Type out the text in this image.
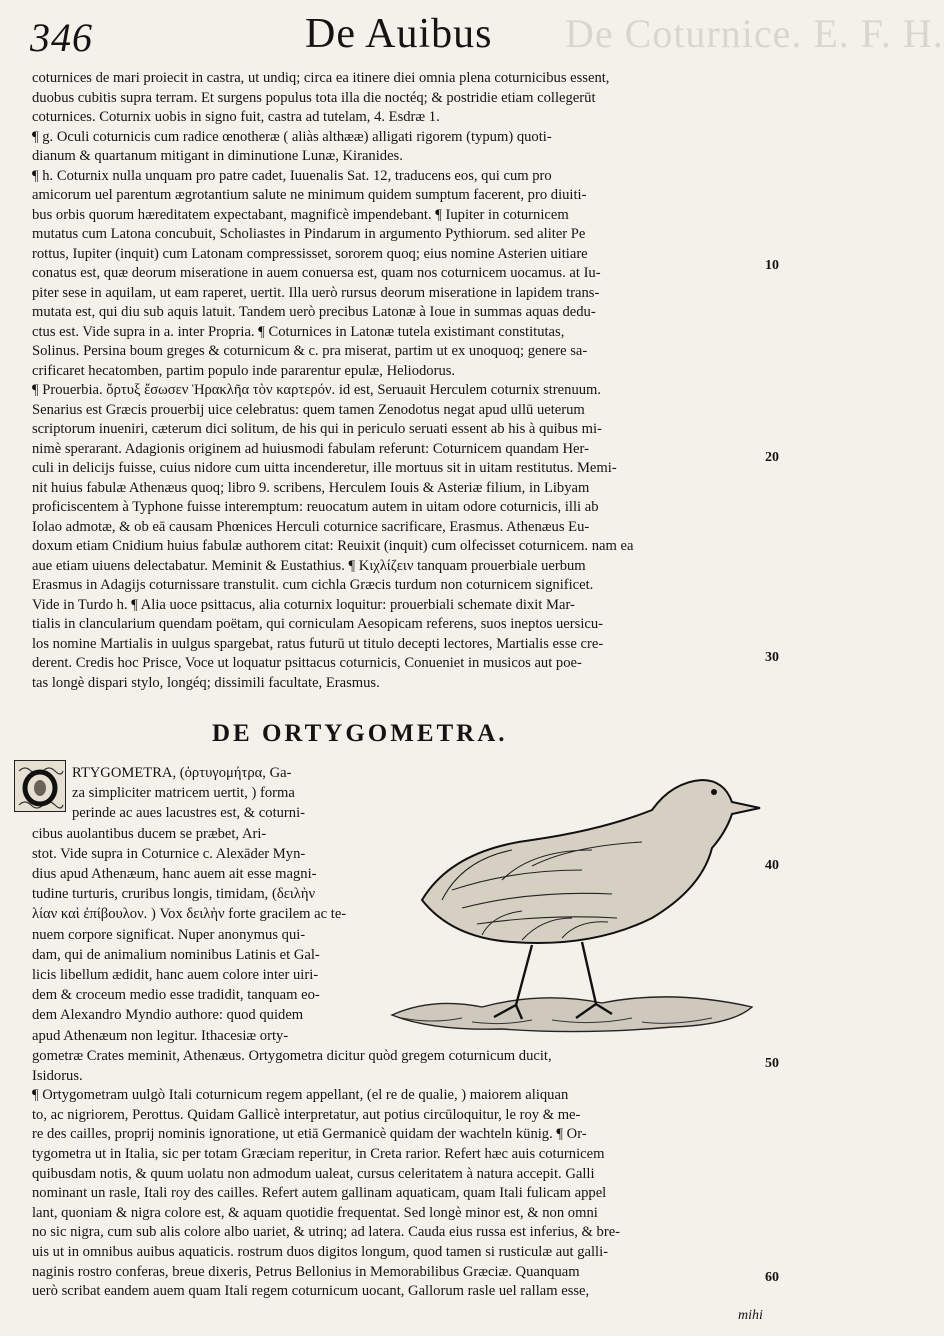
346	De Auibus De Coturnice. E. F. H.
coturnices de mari proiecit in castra, ut undiq; circa ea itinere diei omnia plena coturnicibus essent,
duobus cubitis supra terram. Et surgens populus tota illa die noctéq; & postridie etiam collegerūt
coturnices. Coturnix uobis in signo fuit, castra ad tutelam, 4. Esdræ 1.
¶ g. Oculi coturnicis cum radice œnotheræ ( aliàs althææ) alligati rigorem (typum) quoti-
dianum & quartanum mitigant in diminutione Lunæ, Kiranides.
¶ h. Coturnix nulla unquam pro patre cadet, Iuuenalis Sat. 12, traducens eos, qui cum pro
amicorum uel parentum ægrotantium salute ne minimum quidem sumptum facerent, pro diuiti-
bus orbis quorum hæreditatem expectabant, magnificè impendebant. ¶ Iupiter in coturnicem
mutatus cum Latona concubuit, Scholiastes in Pindarum in argumento Pythiorum. sed aliter Pe
rottus, Iupiter (inquit) cum Latonam compressisset, sororem quoq; eius nomine Asterien uitiare
conatus est, quæ deorum miseratione in auem conuersa est, quam nos coturnicem uocamus. at Iu-
piter sese in aquilam, ut eam raperet, uertit. Illa uerò rursus deorum miseratione in lapidem trans-
mutata est, qui diu sub aquis latuit. Tandem uerò precibus Latonæ à Ioue in summas aquas dedu-
ctus est. Vide supra in a. inter Propria. ¶ Coturnices in Latonæ tutela existimant constitutas,
Solinus. Persina boum greges & coturnicum & c. pra miserat, partim ut ex unoquoq; genere sa-
crificaret hecatomben, partim populo inde pararentur epulæ, Heliodorus.
¶ Prouerbia. ὄρτυξ ἔσωσεν Ἡρακλῆα τὸν καρτερόν. id est, Seruauit Herculem coturnix strenuum.
Senarius est Græcis prouerbij uice celebratus: quem tamen Zenodotus negat apud ullū ueterum
scriptorum inueniri, cæterum dici solitum, de his qui in periculo seruati essent ab his à quibus mi-
nimè sperarant. Adagionis originem ad huiusmodi fabulam referunt: Coturnicem quandam Her-
culi in delicijs fuisse, cuius nidore cum uitta incenderetur, ille mortuus sit in uitam restitutus. Memi-
nit huius fabulæ Athenæus quoq; libro 9. scribens, Herculem Iouis & Asteriæ filium, in Libyam
proficiscentem à Typhone fuisse interemptum: reuocatum autem in uitam odore coturnicis, illi ab
Iolao admotæ, & ob eā causam Phœnices Herculi coturnice sacrificare, Erasmus. Athenæus Eu-
doxum etiam Cnidium huius fabulæ authorem citat: Reuixit (inquit) cum olfecisset coturnicem. nam ea
aue etiam uiuens delectabatur. Meminit & Eustathius. ¶ Κιχλίζειν tanquam prouerbiale uerbum
Erasmus in Adagijs coturnissare transtulit. cum cichla Græcis turdum non coturnicem significet.
Vide in Turdo h. ¶ Alia uoce psittacus, alia coturnix loquitur: prouerbiali schemate dixit Mar-
tialis in clancularium quendam poëtam, qui corniculam Aesopicam referens, suos ineptos uersicu-
los nomine Martialis in uulgus spargebat, ratus futurū ut titulo decepti lectores, Martialis esse cre-
derent. Credis hoc Prisce, Voce ut loquatur psittacus coturnicis, Conueniet in musicos aut poe-
tas longè dispari stylo, longéq; dissimili facultate, Erasmus.
DE ORTYGOMETRA.
RTYGOMETRA, (ὀρτυγομήτρα, Ga-
za simpliciter matricem uertit, ) forma
perinde ac aues lacustres est, & coturni-
cibus auolantibus ducem se præbet, Ari-
stot. Vide supra in Coturnice c. Alexāder Myn-
dius apud Athenæum, hanc auem ait esse magni-
tudine turturis, cruribus longis, timidam, (δειλὴν
λίαν καὶ ἐπίβουλον. ) Vox δειλὴν forte gracilem ac te-
nuem corpore significat. Nuper anonymus qui-
dam, qui de animalium nominibus Latinis et Gal-
licis libellum ædidit, hanc auem colore inter uiri-
dem & croceum medio esse tradidit, tanquam eo-
dem Alexandro Myndio authore: quod quidem
apud Athenæum non legitur. Ithacesiæ orty-
gometræ Crates meminit, Athenæus. Ortygometra dicitur quòd gregem coturnicum ducit,
Isidorus.
¶ Ortygometram uulgò Itali coturnicum regem appellant, (el re de qualie, ) maiorem aliquan
to, ac nigriorem, Perottus. Quidam Gallicè interpretatur, aut potius circūloquitur, le roy & me-
re des cailles, proprij nominis ignoratione, ut etiā Germanicè quidam der wachteln künig. ¶ Or-
tygometra ut in Italia, sic per totam Græciam reperitur, in Creta rarior. Refert hæc auis coturnicem
quibusdam notis, & quum uolatu non admodum ualeat, cursus celeritatem à natura accepit. Galli
nominant un rasle, Itali roy des cailles. Refert autem gallinam aquaticam, quam Itali fulicam appel
lant, quoniam & nigra colore est, & aquam quotidie frequentat. Sed longè minor est, & non omni
no sic nigra, cum sub alis colore albo uariet, & utrinq; ad latera. Cauda eius russa est inferius, & bre-
uis ut in omnibus auibus aquaticis. rostrum duos digitos longum, quod tamen si rusticulæ aut galli-
naginis rostro conferas, breue dixeris, Petrus Bellonius in Memorabilibus Græciæ. Quanquam
uerò scribat eandem auem quam Itali regem coturnicum uocant, Gallorum rasle uel rallam esse,
10
20
30
40
50
60
mihi
